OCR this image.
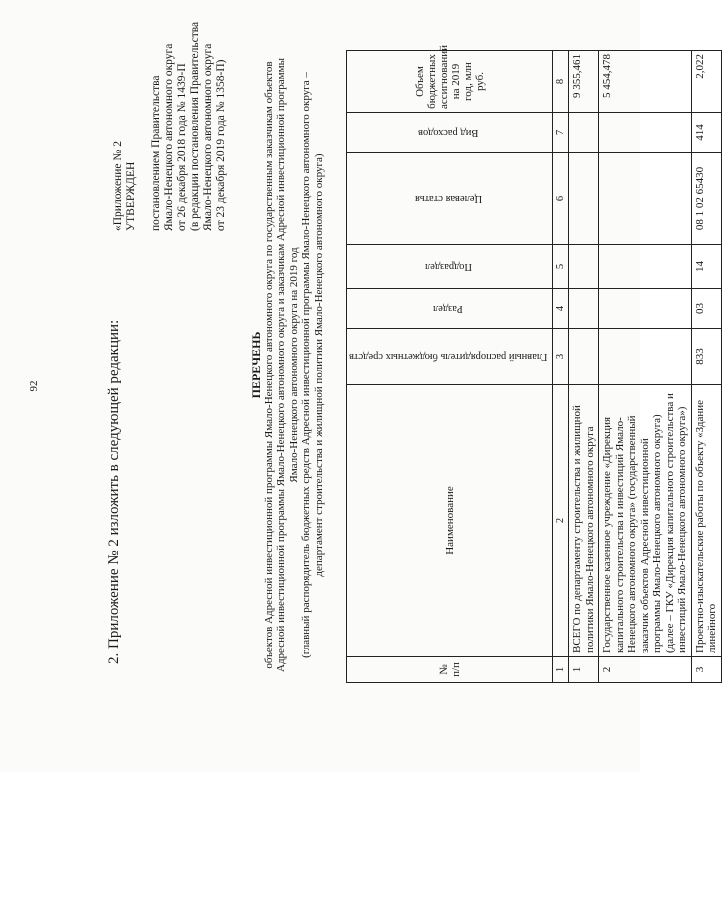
92	2. Приложение № 2 изложить в следующей редакции:
«Приложение № 2 УТВЕРЖДЕН постановлением Правительства Ямало-Ненецкого автономного округа от 26 декабря 2018 года № 1439-П (в редакции постановления Правительства Ямало-Ненецкого автономного округа от 23 декабря 2019 года № 1358-П)
ПЕРЕЧЕНЬ объектов Адресной инвестиционной программы Ямало-Ненецкого автономного округа по государственным заказчикам объектов Адресной инвестиционной программы Ямало-Ненецкого автономного округа и заказчикам Адресной инвестиционной программы Ямало-Ненецкого автономного округа на 2019 год (главный распорядитель бюджетных средств Адресной инвестиционной программы Ямало-Ненецкого автономного округа – департамент строительства и жилищной политики Ямало-Ненецкого автономного округа)
№ п/п	Наименование	Главный распорядитель бюджетных средств	Раздел	Подраздел	Целевая статья	Вид расходов	Объем бюджетных ассигнований на 2019 год, млн руб.
1	2	3	4	5	6	7	8
1	ВСЕГО по департаменту строительства и жилищной политики Ямало-Ненецкого автономного округа						9 355,461
2	Государственное казенное учреждение «Дирекция капитального строительства и инвестиций Ямало-Ненецкого автономного округа» (государственный заказчик объектов Адресной инвестиционной программы Ямало-Ненецкого автономного округа) (далее – ГКУ «Дирекция капитального строительства и инвестиций Ямало-Ненецкого автономного округа»)						5 454,478
3	Проектно-изыскательские работы по объекту «Здание линейного	833	03	14	08 1 02 65430	414	2,022
